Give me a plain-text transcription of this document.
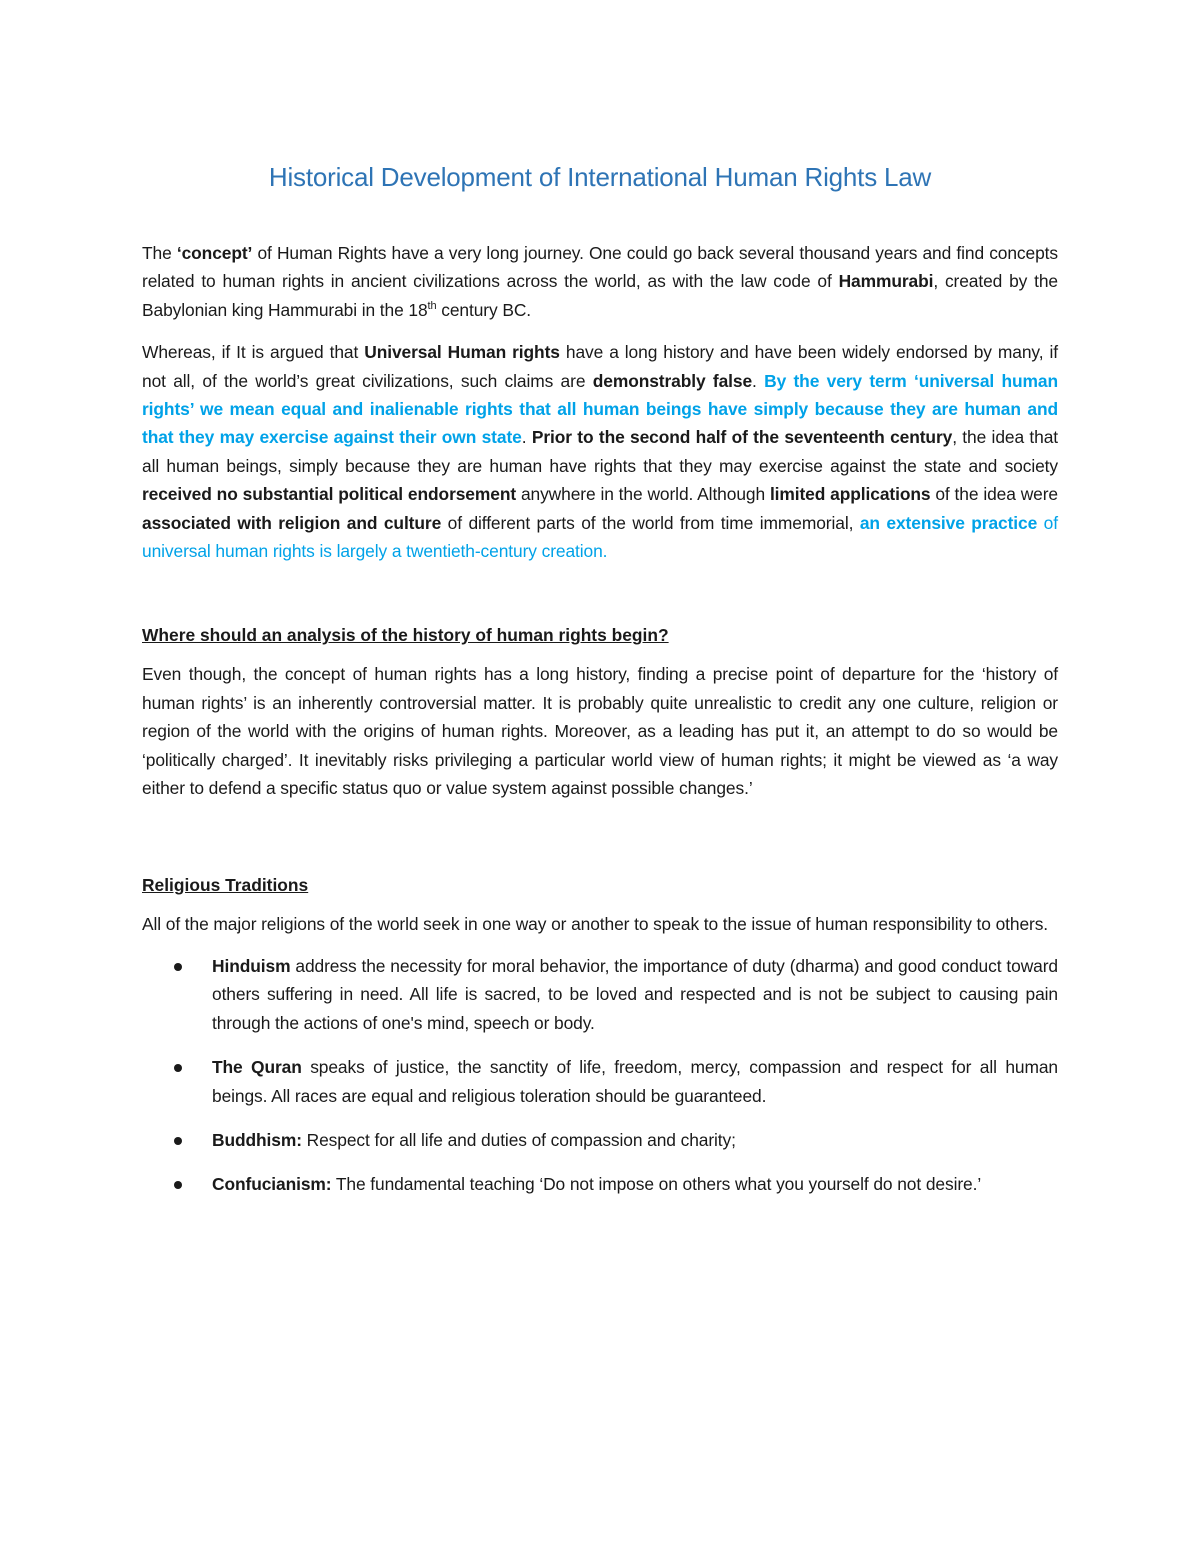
Historical Development of International Human Rights Law

The ‘concept’ of Human Rights have a very long journey. One could go back several thousand years and find concepts related to human rights in ancient civilizations across the world, as with the law code of Hammurabi, created by the Babylonian king Hammurabi in the 18th century BC.

Whereas, if It is argued that Universal Human rights have a long history and have been widely endorsed by many, if not all, of the world’s great civilizations, such claims are demonstrably false. By the very term ‘universal human rights’ we mean equal and inalienable rights that all human beings have simply because they are human and that they may exercise against their own state. Prior to the second half of the seventeenth century, the idea that all human beings, simply because they are human have rights that they may exercise against the state and society received no substantial political endorsement anywhere in the world. Although limited applications of the idea were associated with religion and culture of different parts of the world from time immemorial, an extensive practice of universal human rights is largely a twentieth-century creation.

Where should an analysis of the history of human rights begin?

Even though, the concept of human rights has a long history, finding a precise point of departure for the ‘history of human rights’ is an inherently controversial matter. It is probably quite unrealistic to credit any one culture, religion or region of the world with the origins of human rights. Moreover, as a leading has put it, an attempt to do so would be ‘politically charged’. It inevitably risks privileging a particular world view of human rights; it might be viewed as ‘a way either to defend a specific status quo or value system against possible changes.’

Religious Traditions

All of the major religions of the world seek in one way or another to speak to the issue of human responsibility to others.

Hinduism address the necessity for moral behavior, the importance of duty (dharma) and good conduct toward others suffering in need. All life is sacred, to be loved and respected and is not be subject to causing pain through the actions of one's mind, speech or body.
The Quran speaks of justice, the sanctity of life, freedom, mercy, compassion and respect for all human beings. All races are equal and religious toleration should be guaranteed.
Buddhism: Respect for all life and duties of compassion and charity;
Confucianism: The fundamental teaching ‘Do not impose on others what you yourself do not desire.’
